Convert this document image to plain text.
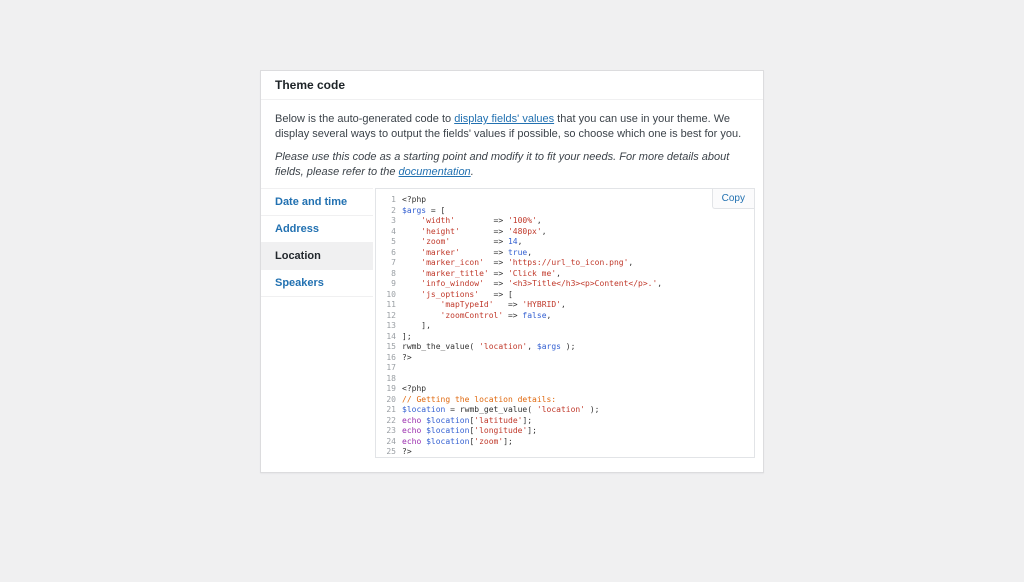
Theme code

Below is the auto-generated code to display fields' values that you can use in your theme. We display several ways to output the fields' values if possible, so choose which one is best for you.

Please use this code as a starting point and modify it to fit your needs. For more details about fields, please refer to the documentation.

Date and time
Address
Location
Speakers
Copy
1 <?php
2 $args = [
3	'width'        => '100%',
4	'height'       => '480px',
5	'zoom'         => 14,
6	'marker'       => true,
7	'marker_icon'  => 'https://url_to_icon.png',
8	'marker_title' => 'Click me',
9	'info_window'  => '<h3>Title</h3><p>Content</p>.',
10	'js_options'   => [
11	'mapTypeId'   => 'HYBRID',
12	'zoomControl' => false,
13 ],
14 ];
15 rwmb_the_value( 'location', $args );
16 ?>
17

18

19 <?php
20 // Getting the location details:
21 $location = rwmb_get_value( 'location' );
22 echo $location['latitude'];
23 echo $location['longitude'];
24 echo $location['zoom'];
25 ?>
